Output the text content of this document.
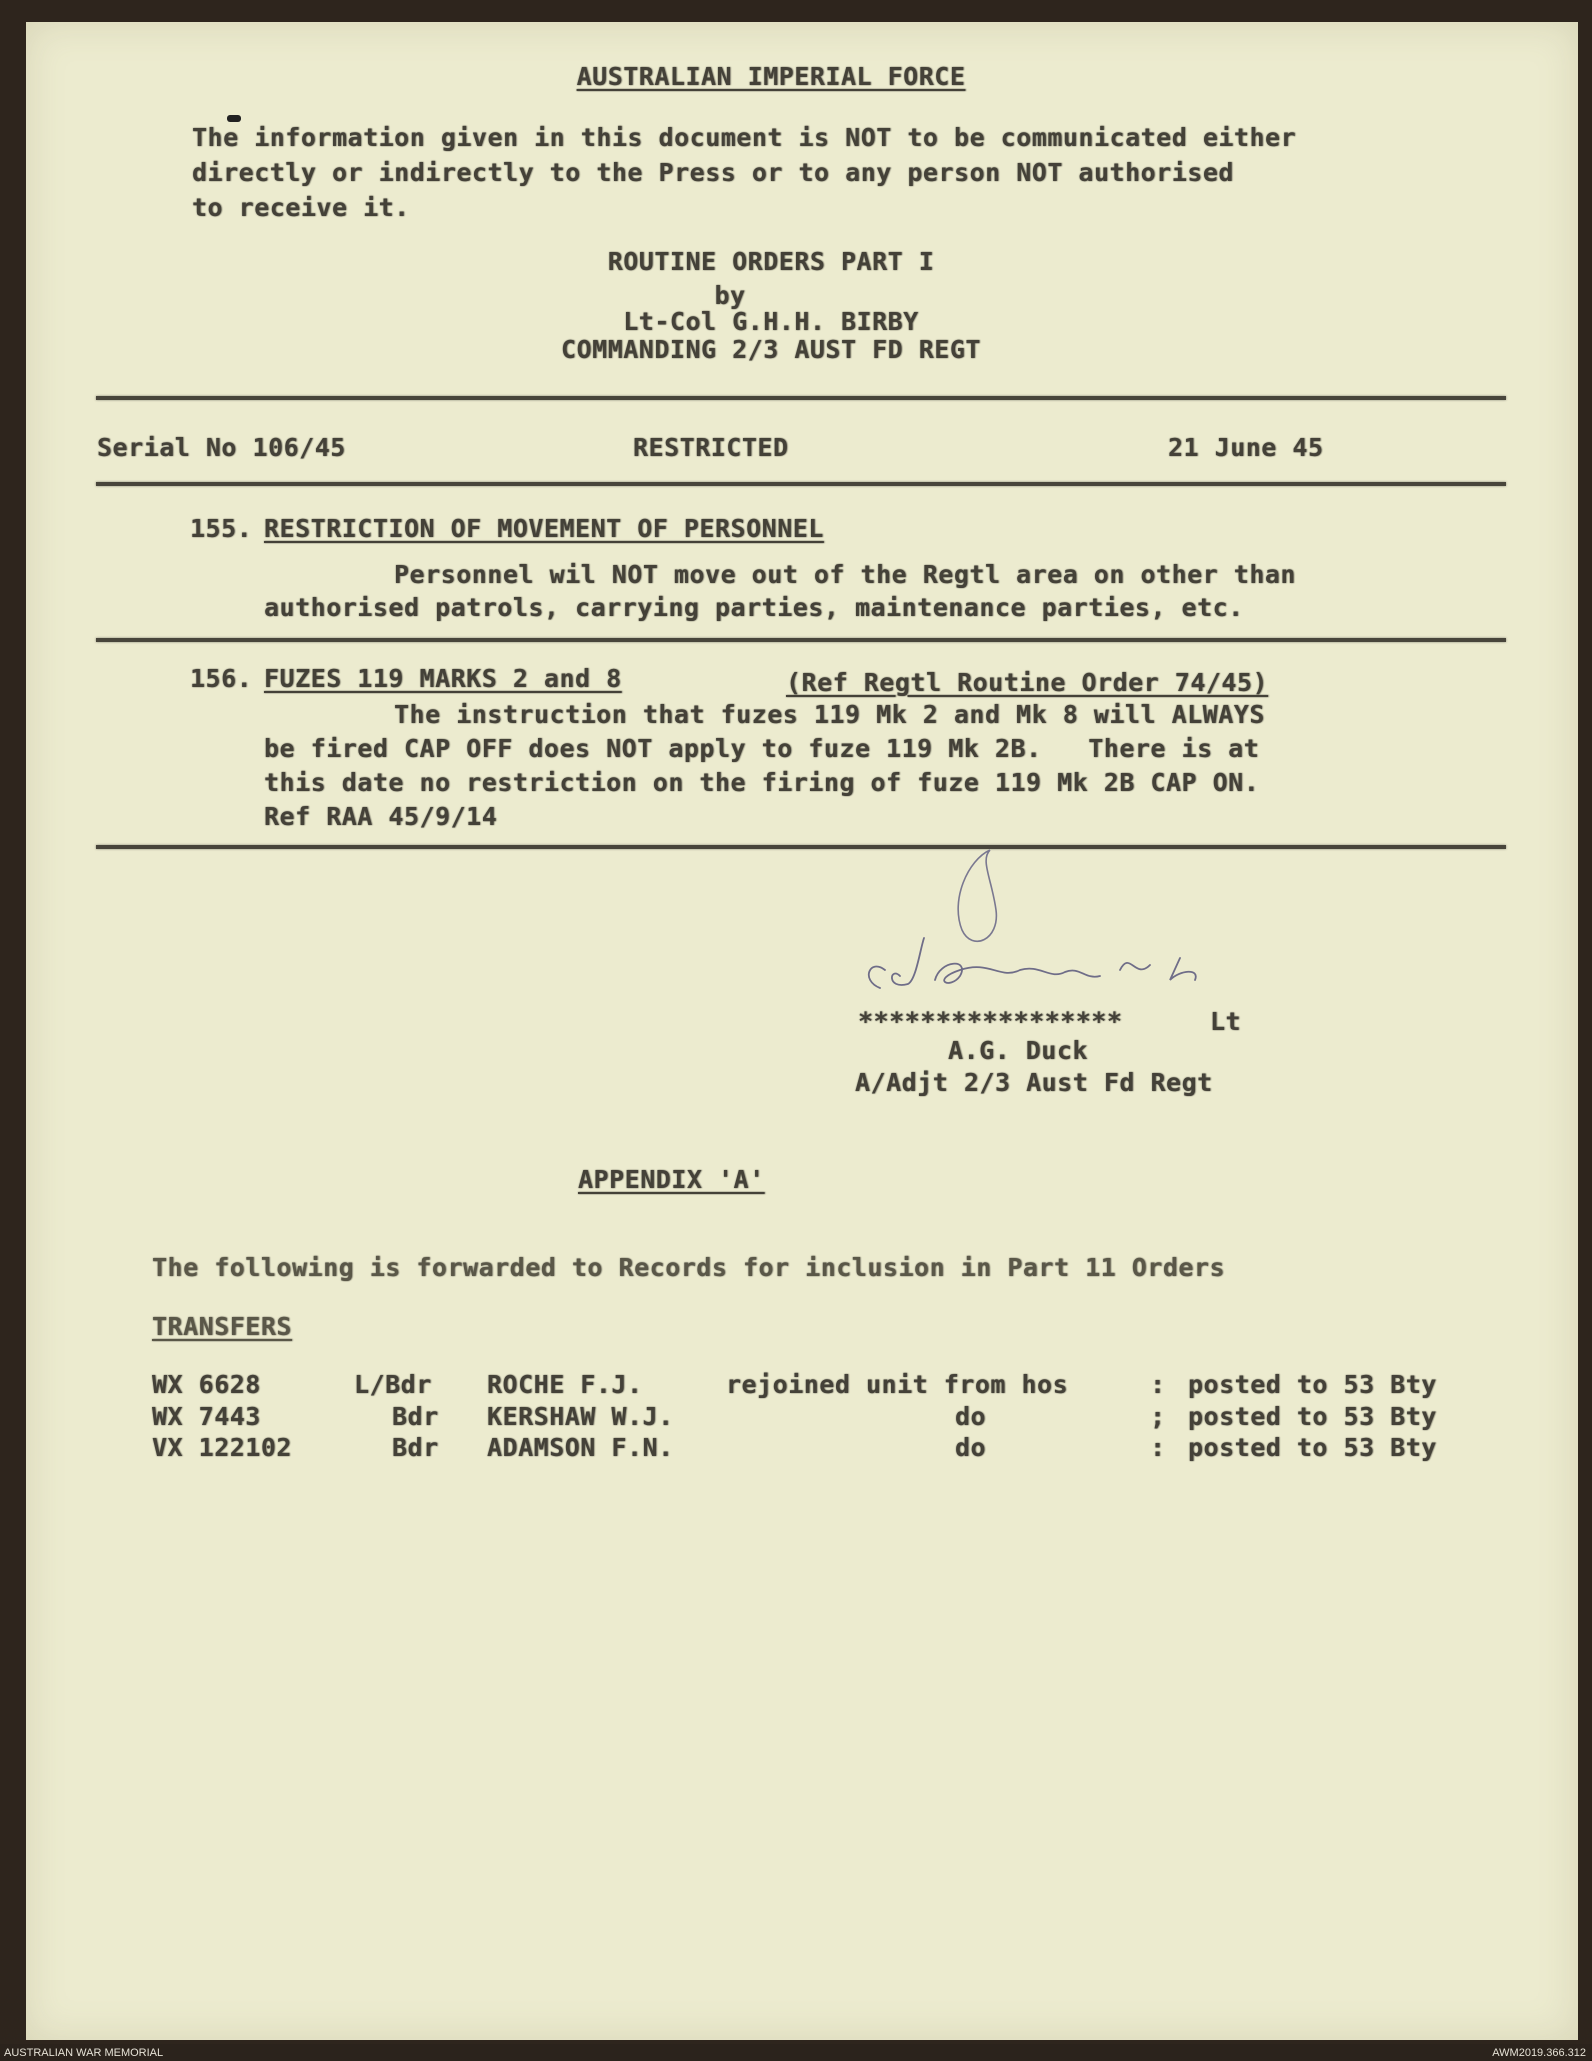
AUSTRALIAN IMPERIAL FORCE
The information given in this document is NOT to be communicated either
directly or indirectly to the Press or to any person NOT authorised
to receive it.
ROUTINE ORDERS PART I
by
Lt-Col G.H.H. BIRBY
COMMANDING 2/3 AUST FD REGT
Serial No 106/45	RESTRICTED	21 June 45
155. RESTRICTION OF MOVEMENT OF PERSONNEL
Personnel wil NOT move out of the Regtl area on other than
authorised patrols, carrying parties, maintenance parties, etc.
156. FUZES 119 MARKS 2 and 8	(Ref Regtl Routine Order 74/45)
The instruction that fuzes 119 Mk 2 and Mk 8 will ALWAYS
be fired CAP OFF does NOT apply to fuze 119 Mk 2B.   There is at
this date no restriction on the firing of fuze 119 Mk 2B CAP ON.
Ref RAA 45/9/14
*****************	Lt
A.G. Duck
A/Adjt 2/3 Aust Fd Regt
APPENDIX 'A'
The following is forwarded to Records for inclusion in Part 11 Orders
TRANSFERS
WX 6628	L/Bdr ROCHE F.J.	rejoined unit from hos	: posted to 53 Bty
WX 7443	Bdr KERSHAW W.J.	do	; posted to 53 Bty
VX 122102	Bdr ADAMSON F.N.	do	: posted to 53 Bty
AUSTRALIAN WAR MEMORIAL	AWM2019.366.312
